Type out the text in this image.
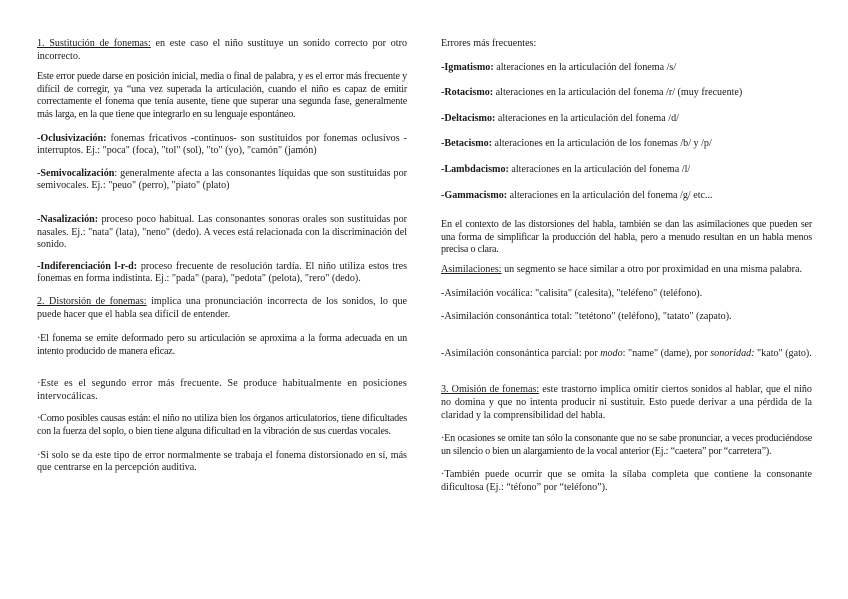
1. Sustitución de fonemas: en este caso el niño sustituye un sonido correcto por otro incorrecto.

Este error puede darse en posición inicial, media o final de palabra, y es el error más frecuente y difícil de corregir, ya “una vez superada la articulación, cuando el niño es capaz de emitir correctamente el fonema que tenía ausente, tiene que superar una segunda fase, generalmente más larga, en la que tiene que integrarlo en su lenguaje espontáneo.

-Oclusivización: fonemas fricativos -continuos- son sustituidos por fonemas oclusivos -interruptos. Ej.: "poca" (foca), "tol" (sol), "to" (yo), "camón" (jamón)

-Semivocalización: generalmente afecta a las consonantes líquidas que son sustituidas por semivocales. Ej.: "peuo" (perro), "piato" (plato)

-Nasalización: proceso poco habitual. Las consonantes sonoras orales son sustituidas por nasales. Ej.: "nata" (lata), "neno" (dedo). A veces está relacionada con la discriminación del sonido.

-Indiferenciación l-r-d: proceso frecuente de resolución tardía. El niño utiliza estos tres fonemas en forma indistinta. Ej.: "pada" (para), "pedota" (pelota), "rero" (dedo).

2. Distorsión de fonemas: implica una pronunciación incorrecta de los sonidos, lo que puede hacer que el habla sea difícil de entender.

·El fonema se emite deformado pero su articulación se aproxima a la forma adecuada en un intento producido de manera eficaz.

·Este es el segundo error más frecuente. Se produce habitualmente en posiciones intervocálicas.

·Como posibles causas están: el niño no utiliza bien los órganos articulatorios, tiene dificultades con la fuerza del soplo, o bien tiene alguna dificultad en la vibración de sus cuerdas vocales.

·Si solo se da este tipo de error normalmente se trabaja el fonema distorsionado en sí, más que centrarse en la percepción auditiva.

Errores más frecuentes:

-Igmatismo: alteraciones en la articulación del fonema /s/

-Rotacismo: alteraciones en la articulación del fonema /r/ (muy frecuente)

-Deltacismo: alteraciones en la articulación del fonema /d/

-Betacismo: alteraciones en la articulación de los fonemas /b/ y /p/

-Lambdacismo: alteraciones en la articulación del fonema /l/

-Gammacismo: alteraciones en la articulación del fonema /g/ etc...

En el contexto de las distorsiones del habla, también se dan las asimilaciones que pueden ser una forma de simplificar la producción del habla, pero a menudo resultan en un habla menos precisa o clara.

Asimilaciones: un segmento se hace similar a otro por proximidad en una misma palabra.

-Asimilación vocálica: "calisita" (calesita), "teléfeno" (teléfono).

-Asimilación consonántica total: "tetétono" (teléfono), "tatato" (zapato).

-Asimilación consonántica parcial: por modo: "name" (dame), por sonoridad: "kato" (gato).

3. Omisión de fonemas: este trastorno implica omitir ciertos sonidos al hablar, que el niño no domina y que no intenta producir ni sustituir. Esto puede derivar a una pérdida de la claridad y la comprensibilidad del habla.

·En ocasiones se omite tan sólo la consonante que no se sabe pronunciar, a veces produciéndose un silencio o bien un alargamiento de la vocal anterior (Ej.: “caetera” por “carretera”).

·También puede ocurrir que se omita la sílaba completa que contiene la consonante dificultosa (Ej.: “téfono” por “teléfono”).
